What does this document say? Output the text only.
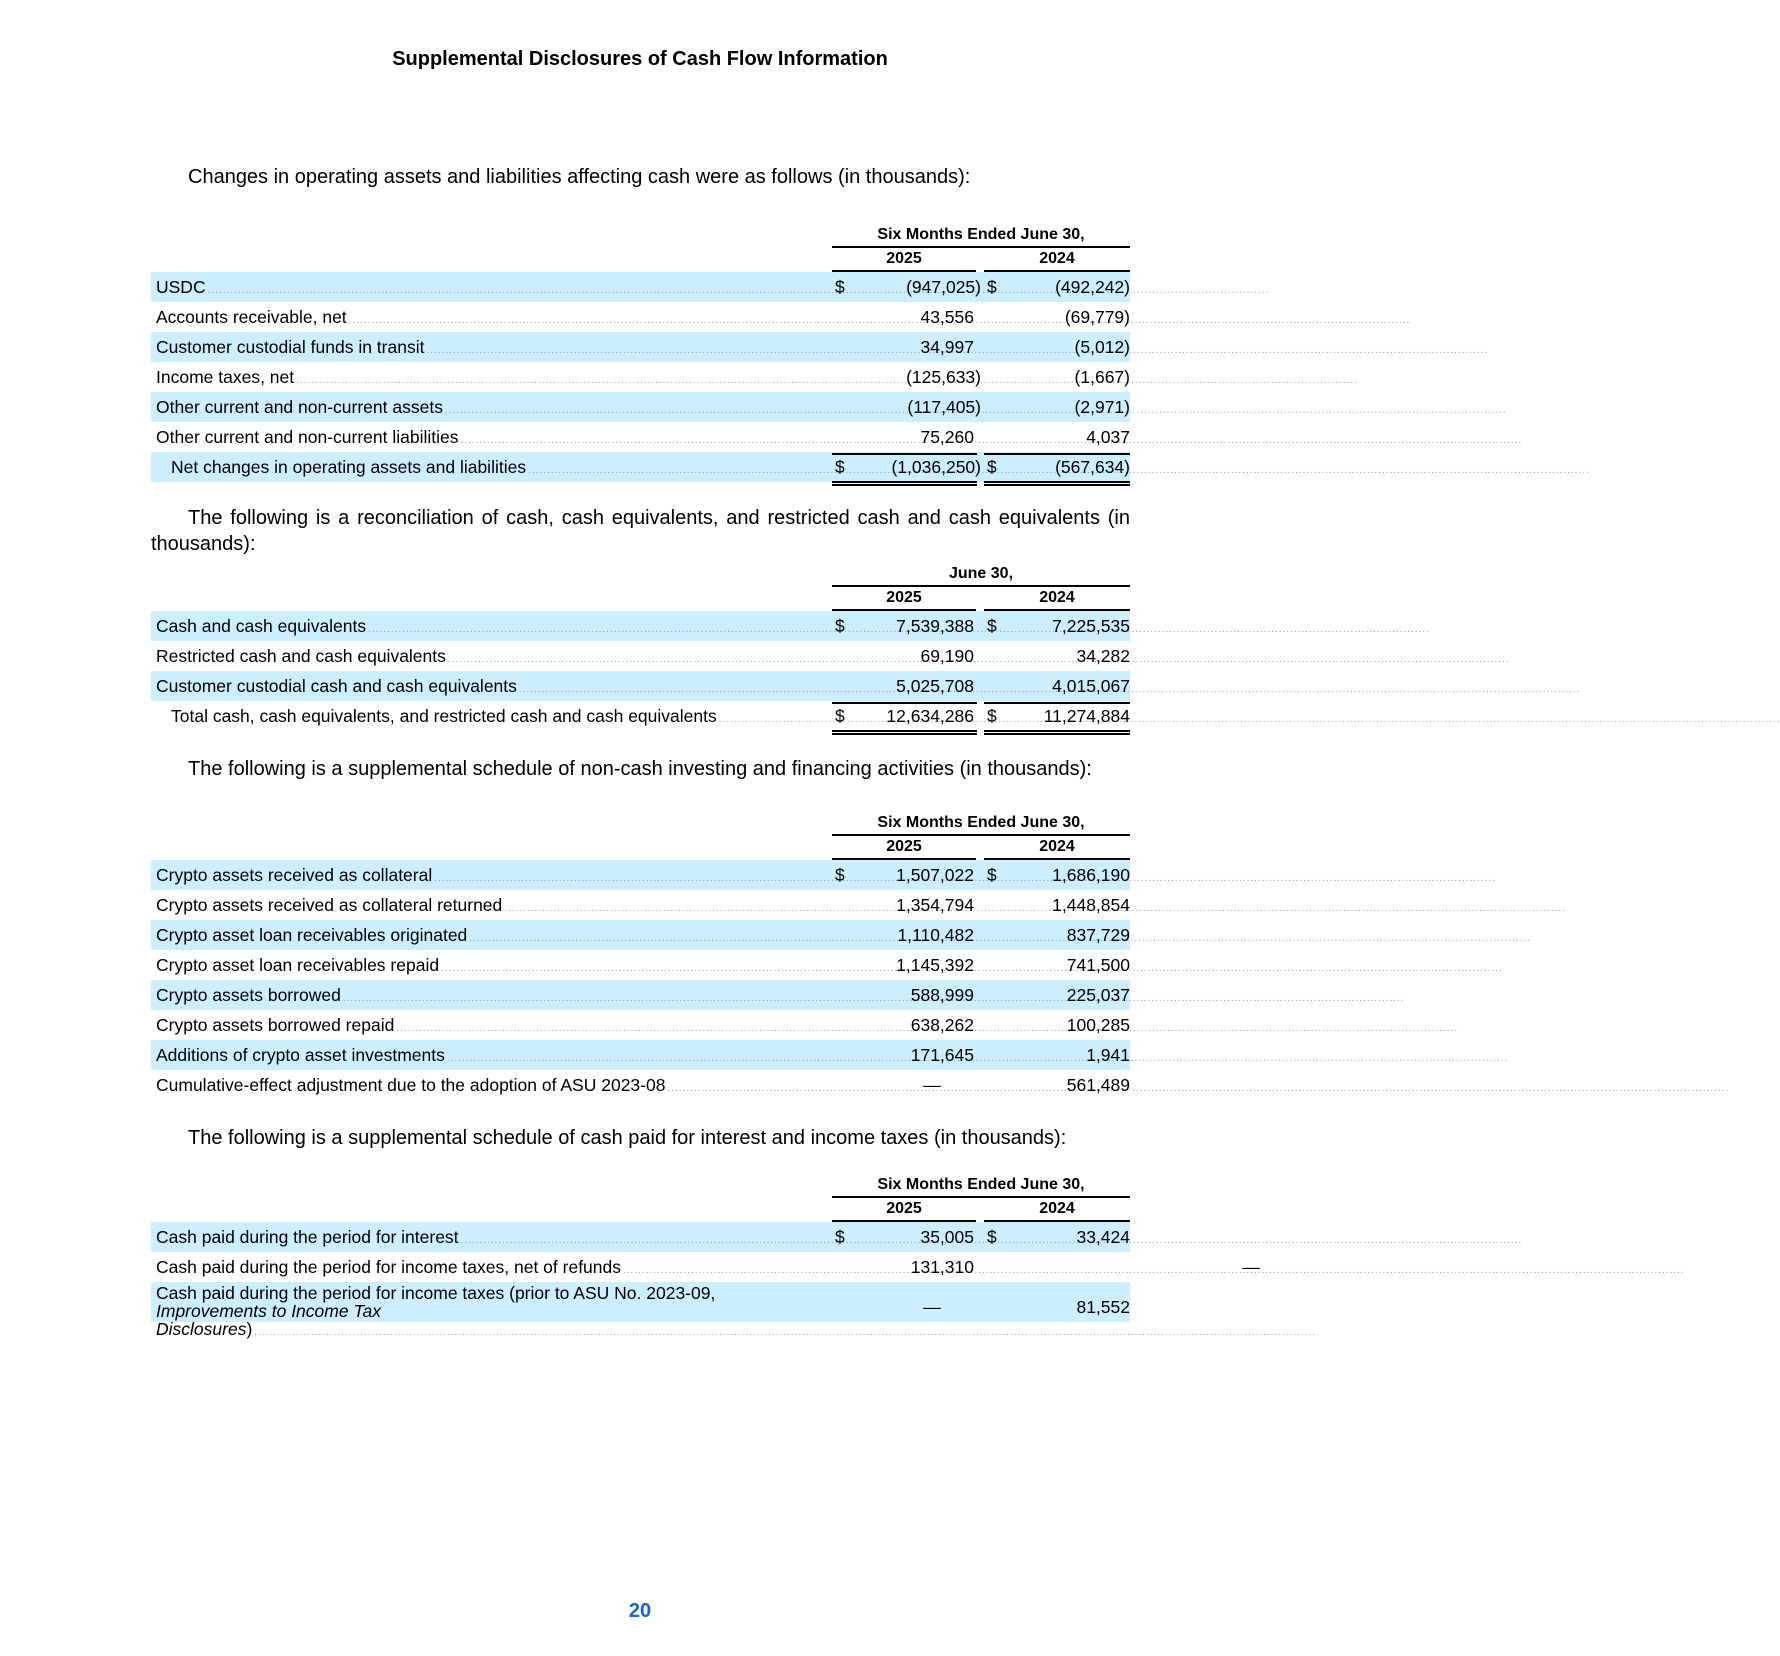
Supplemental Disclosures of Cash Flow Information
Changes in operating assets and liabilities affecting cash were as follows (in thousands):
Six Months Ended June 30,
2025	2024
USDC .....	$	(947,025) $	(492,242)
Accounts receivable, net .....	43,556	(69,779)
Customer custodial funds in transit .....	34,997	(5,012)
Income taxes, net .....	(125,633)	(1,667)
Other current and non-current assets .....	(117,405)	(2,971)
Other current and non-current liabilities .....	75,260	4,037
Net changes in operating assets and liabilities .....	$	(1,036,250) $	(567,634)
The following is a reconciliation of cash, cash equivalents, and restricted cash and cash equivalents (in thousands):
June 30,
2025	2024
Cash and cash equivalents .....	$	7,539,388 $	7,225,535
Restricted cash and cash equivalents .....	69,190	34,282
Customer custodial cash and cash equivalents .....	5,025,708	4,015,067
Total cash, cash equivalents, and restricted cash and cash equivalents .....	$	12,634,286 $	11,274,884
The following is a supplemental schedule of non-cash investing and financing activities (in thousands):
Six Months Ended June 30,
2025	2024
Crypto assets received as collateral .....	$	1,507,022 $	1,686,190
Crypto assets received as collateral returned .....	1,354,794	1,448,854
Crypto asset loan receivables originated .....	1,110,482	837,729
Crypto asset loan receivables repaid .....	1,145,392	741,500
Crypto assets borrowed .....	588,999	225,037
Crypto assets borrowed repaid .....	638,262	100,285
Additions of crypto asset investments .....	171,645	1,941
Cumulative-effect adjustment due to the adoption of ASU 2023-08 .....	—	561,489
The following is a supplemental schedule of cash paid for interest and income taxes (in thousands):
Six Months Ended June 30,
2025	2024
Cash paid during the period for interest .....	$	35,005 $	33,424
Cash paid during the period for income taxes, net of refunds .....	131,310	—
Cash paid during the period for income taxes (prior to ASU No. 2023-09,
Improvements to Income Tax Disclosures) .....
—	81,552
20
